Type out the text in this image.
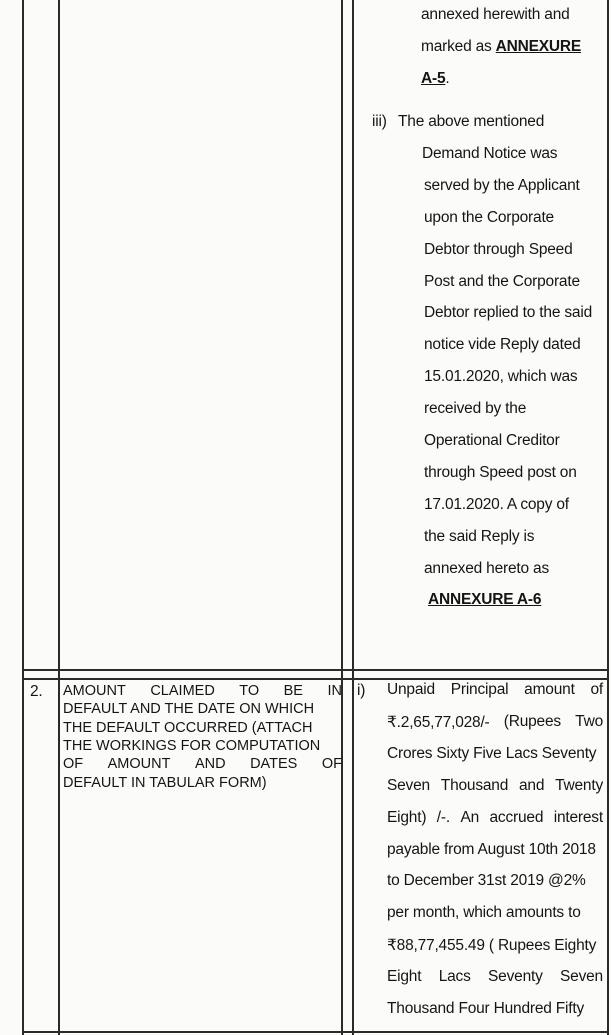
annexed herewith and
marked as ANNEXURE
A-5.
iii) The above mentioned
Demand Notice was
served by the Applicant
upon the Corporate
Debtor through Speed
Post and the Corporate
Debtor replied to the said
notice vide Reply dated
15.01.2020, which was
received by the
Operational Creditor
through Speed post on
17.01.2020. A copy of
the said Reply is
annexed hereto as
ANNEXURE A-6
2. AMOUNT CLAIMED TO BE IN
DEFAULT AND THE DATE ON WHICH
THE DEFAULT OCCURRED (ATTACH
THE WORKINGS FOR COMPUTATION
OF AMOUNT AND DATES OF
DEFAULT IN TABULAR FORM)
i) Unpaid Principal amount of
₹.2,65,77,028/- (Rupees Two
Crores Sixty Five Lacs Seventy
Seven Thousand and Twenty
Eight) /-. An accrued interest
payable from August 10th 2018
to December 31st 2019 @2%
per month, which amounts to
₹88,77,455.49 ( Rupees Eighty
Eight Lacs Seventy Seven
Thousand Four Hundred Fifty
